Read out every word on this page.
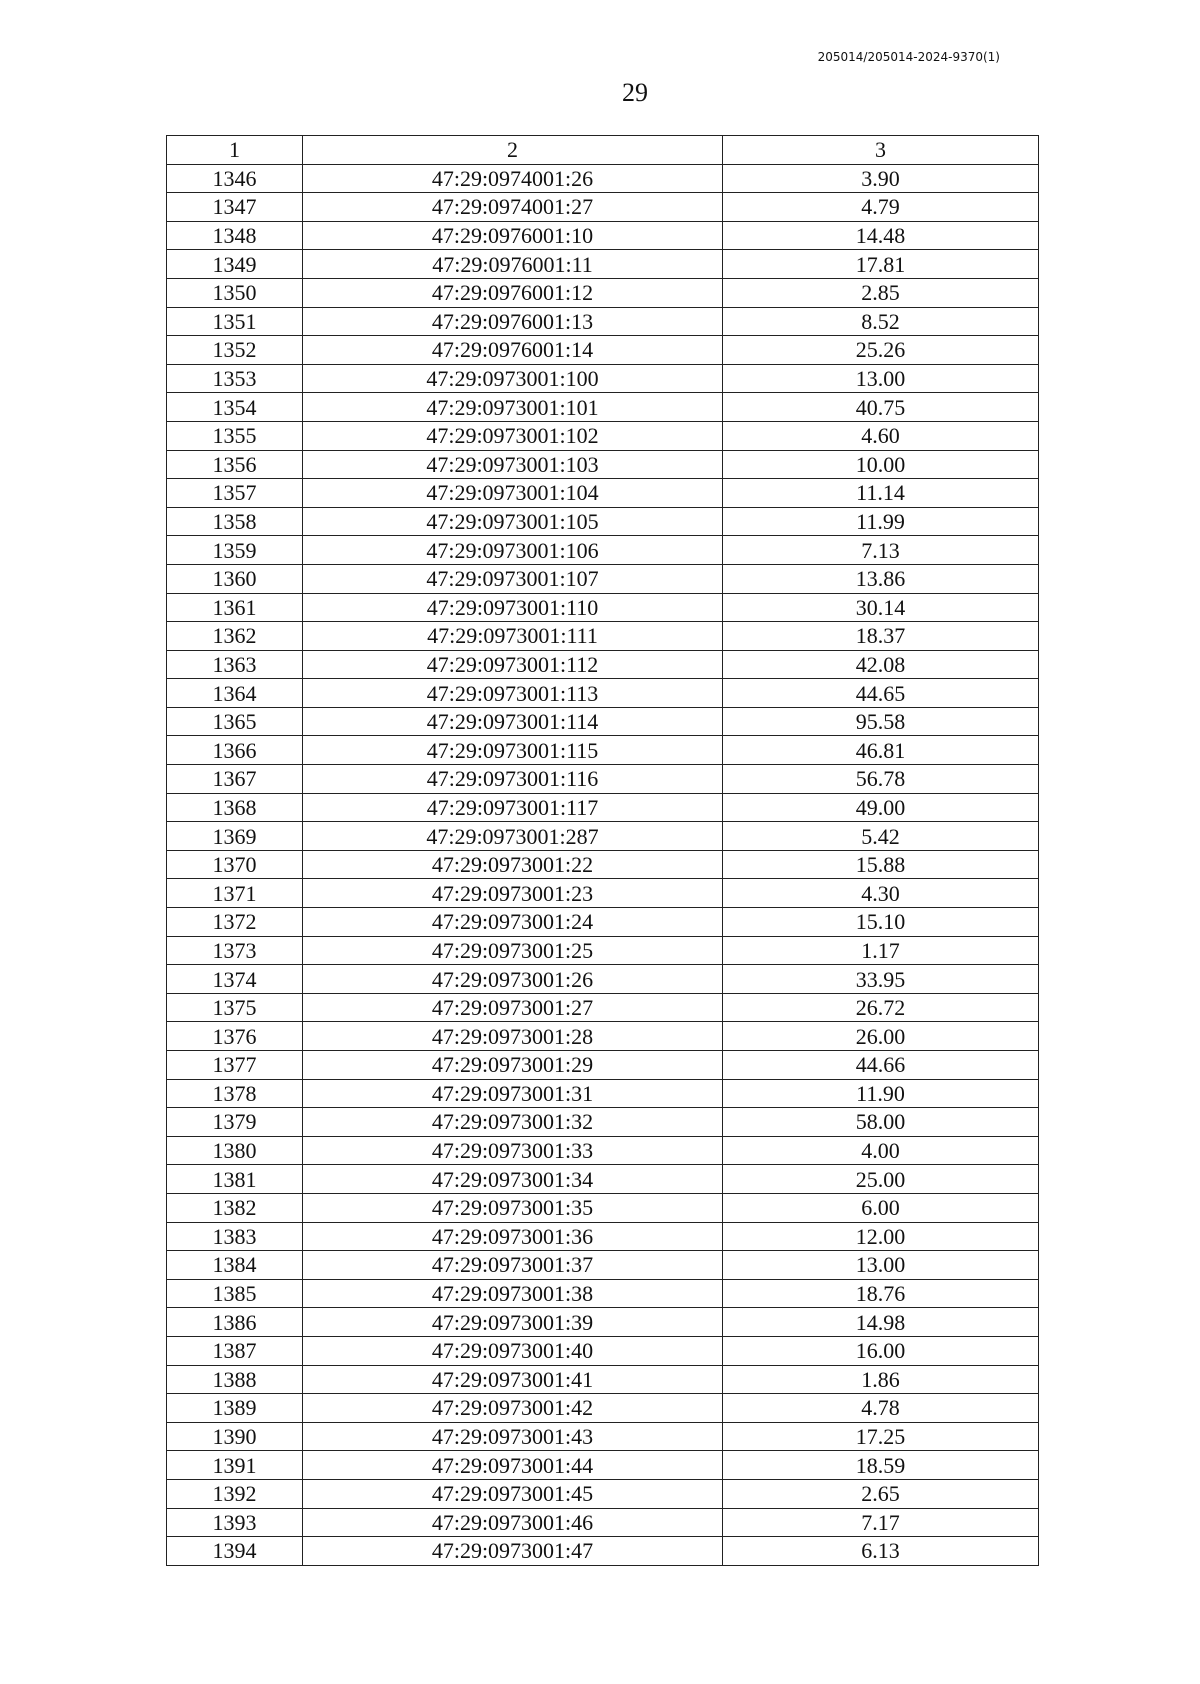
205014/205014-2024-9370(1)
29
1	2	3
1346	47:29:0974001:26	3.90
1347	47:29:0974001:27	4.79
1348	47:29:0976001:10	14.48
1349	47:29:0976001:11	17.81
1350	47:29:0976001:12	2.85
1351	47:29:0976001:13	8.52
1352	47:29:0976001:14	25.26
1353	47:29:0973001:100	13.00
1354	47:29:0973001:101	40.75
1355	47:29:0973001:102	4.60
1356	47:29:0973001:103	10.00
1357	47:29:0973001:104	11.14
1358	47:29:0973001:105	11.99
1359	47:29:0973001:106	7.13
1360	47:29:0973001:107	13.86
1361	47:29:0973001:110	30.14
1362	47:29:0973001:111	18.37
1363	47:29:0973001:112	42.08
1364	47:29:0973001:113	44.65
1365	47:29:0973001:114	95.58
1366	47:29:0973001:115	46.81
1367	47:29:0973001:116	56.78
1368	47:29:0973001:117	49.00
1369	47:29:0973001:287	5.42
1370	47:29:0973001:22	15.88
1371	47:29:0973001:23	4.30
1372	47:29:0973001:24	15.10
1373	47:29:0973001:25	1.17
1374	47:29:0973001:26	33.95
1375	47:29:0973001:27	26.72
1376	47:29:0973001:28	26.00
1377	47:29:0973001:29	44.66
1378	47:29:0973001:31	11.90
1379	47:29:0973001:32	58.00
1380	47:29:0973001:33	4.00
1381	47:29:0973001:34	25.00
1382	47:29:0973001:35	6.00
1383	47:29:0973001:36	12.00
1384	47:29:0973001:37	13.00
1385	47:29:0973001:38	18.76
1386	47:29:0973001:39	14.98
1387	47:29:0973001:40	16.00
1388	47:29:0973001:41	1.86
1389	47:29:0973001:42	4.78
1390	47:29:0973001:43	17.25
1391	47:29:0973001:44	18.59
1392	47:29:0973001:45	2.65
1393	47:29:0973001:46	7.17
1394	47:29:0973001:47	6.13
